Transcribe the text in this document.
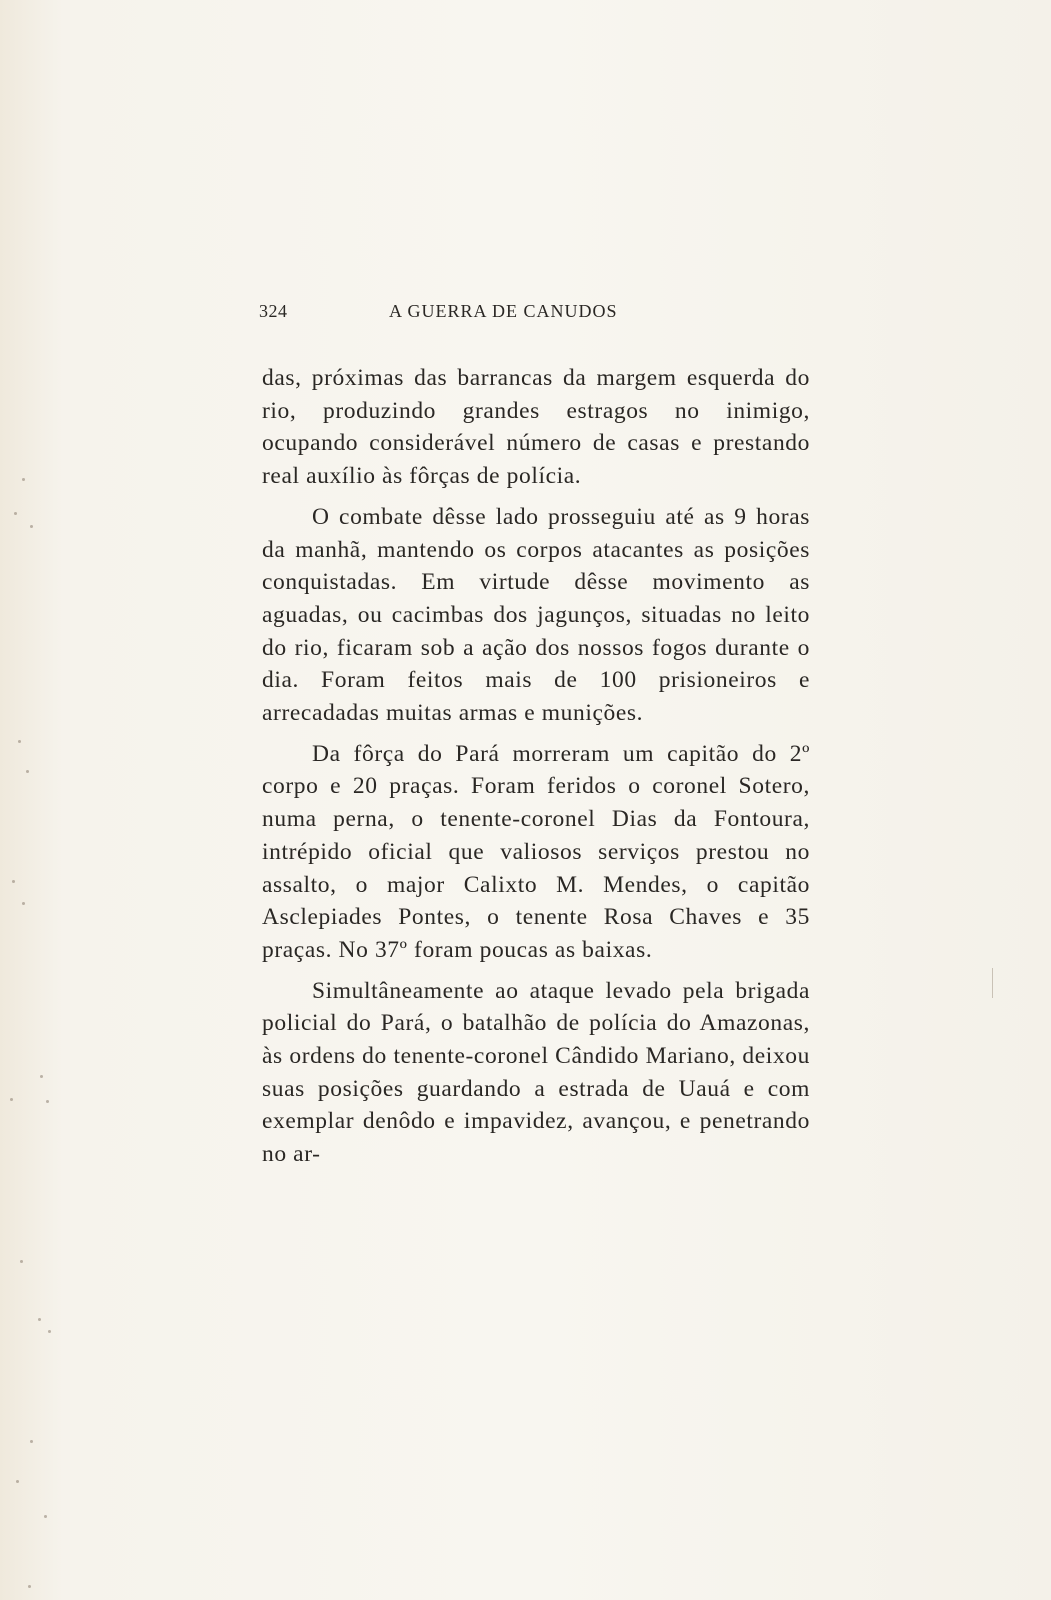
324	A GUERRA DE CANUDOS

das, próximas das barrancas da margem esquerda do rio, produzindo grandes estragos no inimigo, ocupando considerável número de casas e prestando real auxílio às fôrças de polícia.

O combate dêsse lado prosseguiu até as 9 horas da manhã, mantendo os corpos atacantes as posições conquistadas. Em virtude dêsse movimento as aguadas, ou cacimbas dos jagunços, situadas no leito do rio, ficaram sob a ação dos nossos fogos durante o dia. Foram feitos mais de 100 prisioneiros e arrecadadas muitas armas e munições.

Da fôrça do Pará morreram um capitão do 2º corpo e 20 praças. Foram feridos o coronel Sotero, numa perna, o tenente-coronel Dias da Fontoura, intrépido oficial que valiosos serviços prestou no assalto, o major Calixto M. Mendes, o capitão Asclepiades Pontes, o tenente Rosa Chaves e 35 praças. No 37º foram poucas as baixas.

Simultâneamente ao ataque levado pela brigada policial do Pará, o batalhão de polícia do Amazonas, às ordens do tenente-coronel Cândido Mariano, deixou suas posições guardando a estrada de Uauá e com exemplar denôdo e impavidez, avançou, e penetrando no ar-
